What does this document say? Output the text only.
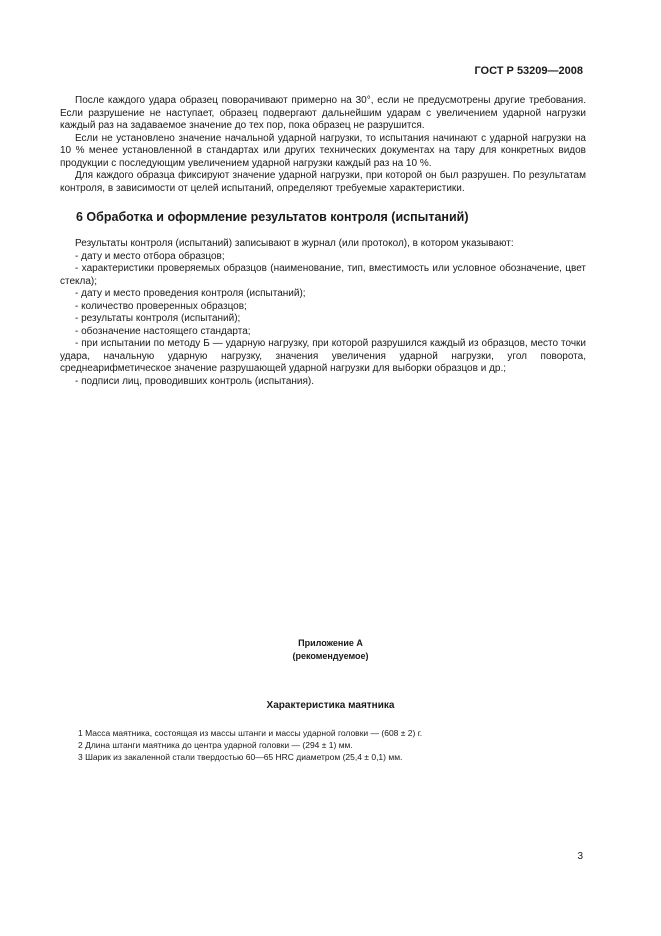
ГОСТ Р 53209—2008

После каждого удара образец поворачивают примерно на 30°, если не предусмотрены другие требования. Если разрушение не наступает, образец подвергают дальнейшим ударам с увеличением ударной нагрузки каждый раз на задаваемое значение до тех пор, пока образец не разрушится.

Если не установлено значение начальной ударной нагрузки, то испытания начинают с ударной нагрузки на 10 % менее установленной в стандартах или других технических документах на тару для конкретных видов продукции с последующим увеличением ударной нагрузки каждый раз на 10 %.

Для каждого образца фиксируют значение ударной нагрузки, при которой он был разрушен. По результатам контроля, в зависимости от целей испытаний, определяют требуемые характеристики.

6 Обработка и оформление результатов контроля (испытаний)

Результаты контроля (испытаний) записывают в журнал (или протокол), в котором указывают:

- дату и место отбора образцов;

- характеристики проверяемых образцов (наименование, тип, вместимость или условное обозначение, цвет стекла);

- дату и место проведения контроля (испытаний);

- количество проверенных образцов;

- результаты контроля (испытаний);

- обозначение настоящего стандарта;

- при испытании по методу Б — ударную нагрузку, при которой разрушился каждый из образцов, место точки удара, начальную ударную нагрузку, значения увеличения ударной нагрузки, угол поворота, среднеарифметическое значение разрушающей ударной нагрузки для выборки образцов и др.;

- подписи лиц, проводивших контроль (испытания).

Приложение А
(рекомендуемое)
Характеристика маятника

1 Масса маятника, состоящая из массы штанги и массы ударной головки — (608 ± 2) г.

2 Длина штанги маятника до центра ударной головки — (294 ± 1) мм.

3 Шарик из закаленной стали твердостью 60—65 HRC диаметром (25,4 ± 0,1) мм.

3
